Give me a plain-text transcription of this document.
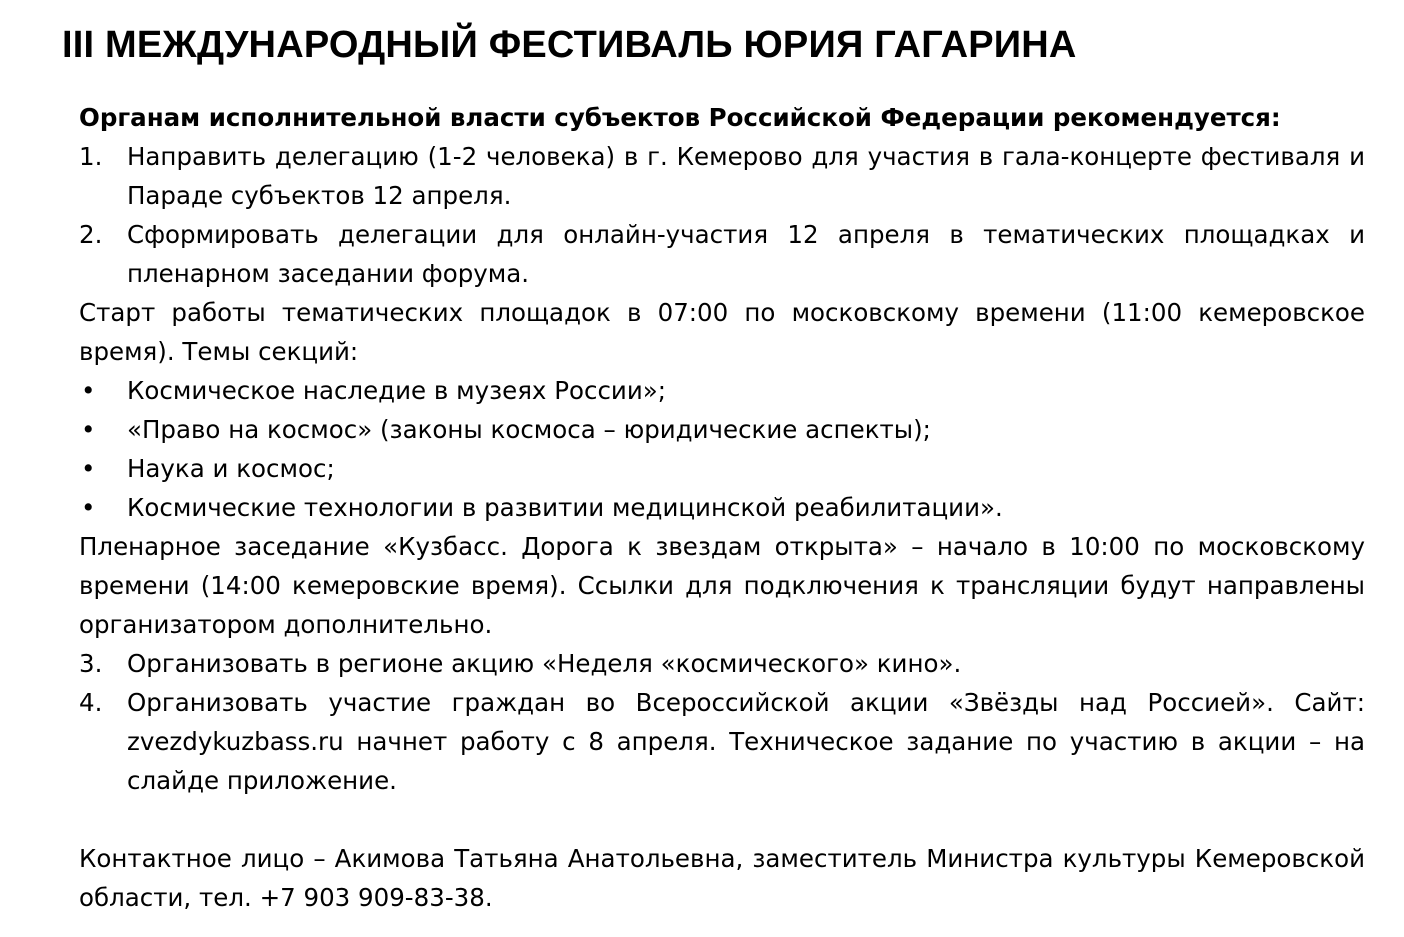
III МЕЖДУНАРОДНЫЙ ФЕСТИВАЛЬ ЮРИЯ ГАГАРИНА

Органам исполнительной власти субъектов Российской Федерации рекомендуется:

1. Направить делегацию (1-2 человека) в г. Кемерово для участия в гала-концерте фестиваля и Параде субъектов 12 апреля.
2. Сформировать делегации для онлайн-участия 12 апреля в тематических площадках и пленарном заседании форума.

Старт работы тематических площадок в 07:00 по московскому времени (11:00 кемеровское время). Темы секций:

• Космическое наследие в музеях России»;
• «Право на космос» (законы космоса – юридические аспекты);
• Наука и космос;
• Космические технологии в развитии медицинской реабилитации».

Пленарное заседание «Кузбасс. Дорога к звездам открыта» – начало в 10:00 по московскому времени (14:00 кемеровские время). Ссылки для подключения к трансляции будут направлены организатором дополнительно.

3. Организовать в регионе акцию «Неделя «космического» кино».
4. Организовать участие граждан во Всероссийской акции «Звёзды над Россией». Сайт: zvezdykuzbass.ru начнет работу с 8 апреля. Техническое задание по участию в акции – на слайде приложение.

Контактное лицо – Акимова Татьяна Анатольевна, заместитель Министра культуры Кемеровской области, тел. +7 903 909-83-38.
